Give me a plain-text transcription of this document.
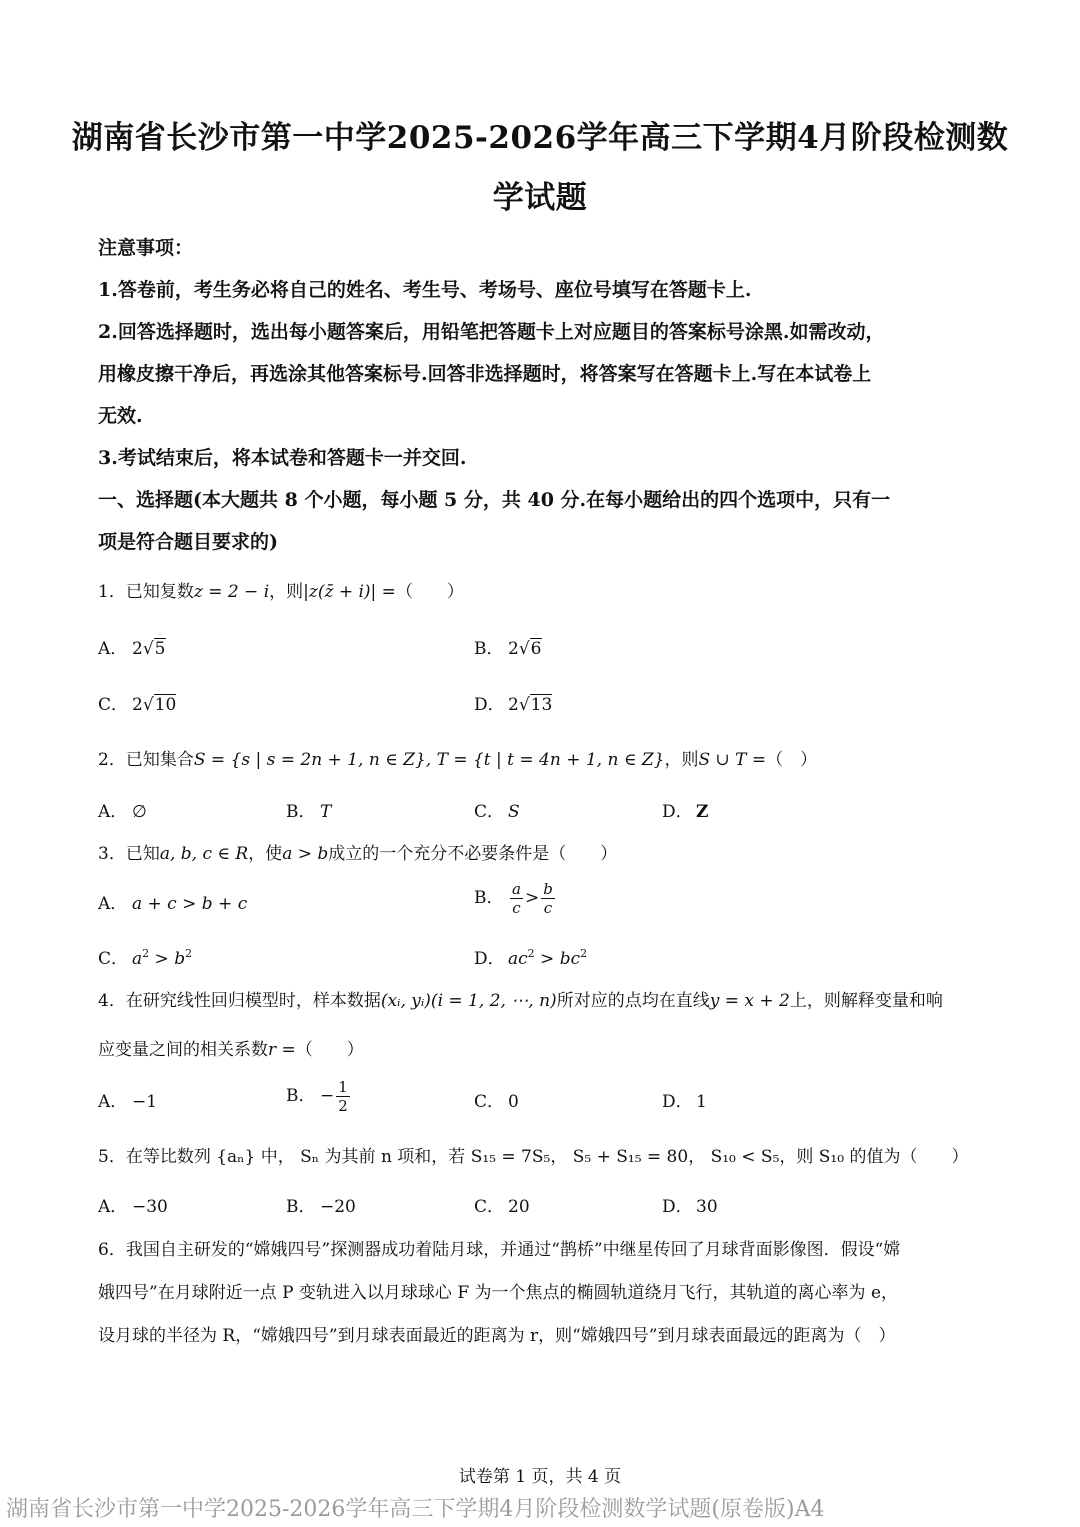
湖南省长沙市第一中学2025-2026学年高三下学期4月阶段检测数学试题
注意事项：
1.答卷前，考生务必将自己的姓名、考生号、考场号、座位号填写在答题卡上.
2.回答选择题时，选出每小题答案后，用铅笔把答题卡上对应题目的答案标号涂黑.如需改动，
用橡皮擦干净后，再选涂其他答案标号.回答非选择题时，将答案写在答题卡上.写在本试卷上
无效.
3.考试结束后，将本试卷和答题卡一并交回.
一、选择题(本大题共 8 个小题，每小题 5 分，共 40 分.在每小题给出的四个选项中，只有一
项是符合题目要求的)
1．已知复数z = 2 − i，则|z(z̄ + i)| =（　　）
A． 2√5	B． 2√6
C． 2√10	D． 2√13
2．已知集合S = {s | s = 2n + 1, n ∈ Z}, T = {t | t = 4n + 1, n ∈ Z}，则S ∪ T =（　）
A． ∅	B． T	C． S	D． Z
3．已知a, b, c ∈ R，使a > b成立的一个充分不必要条件是（　　）
A． a + c > b + c	B． $\frac{a}{c} > \frac{b}{c}$
C． $a^2 > b^2$	D． $ac^2 > bc^2$
4．在研究线性回归模型时，样本数据(xᵢ, yᵢ)(i = 1, 2, ⋯, n)所对应的点均在直线y = x + 2上，则解释变量和响
应变量之间的相关系数r =（　　）
A． −1	B． − $\frac{1}{2}$	C． 0	D． 1
5．在等比数列 {aₙ} 中， Sₙ 为其前 n 项和，若 S₁₅ = 7S₅， S₅ + S₁₅ = 80， S₁₀ < S₅，则 S₁₀ 的值为（　　）
A． −30	B． −20	C． 20	D． 30
6．我国自主研发的“嫦娥四号”探测器成功着陆月球，并通过“鹊桥”中继星传回了月球背面影像图．假设“嫦
娥四号”在月球附近一点 P 变轨进入以月球球心 F 为一个焦点的椭圆轨道绕月飞行，其轨道的离心率为 e，
设月球的半径为 R，“嫦娥四号”到月球表面最近的距离为 r，则“嫦娥四号”到月球表面最远的距离为（　）
试卷第 1 页，共 4 页
湖南省长沙市第一中学2025-2026学年高三下学期4月阶段检测数学试题(原卷版)A4
